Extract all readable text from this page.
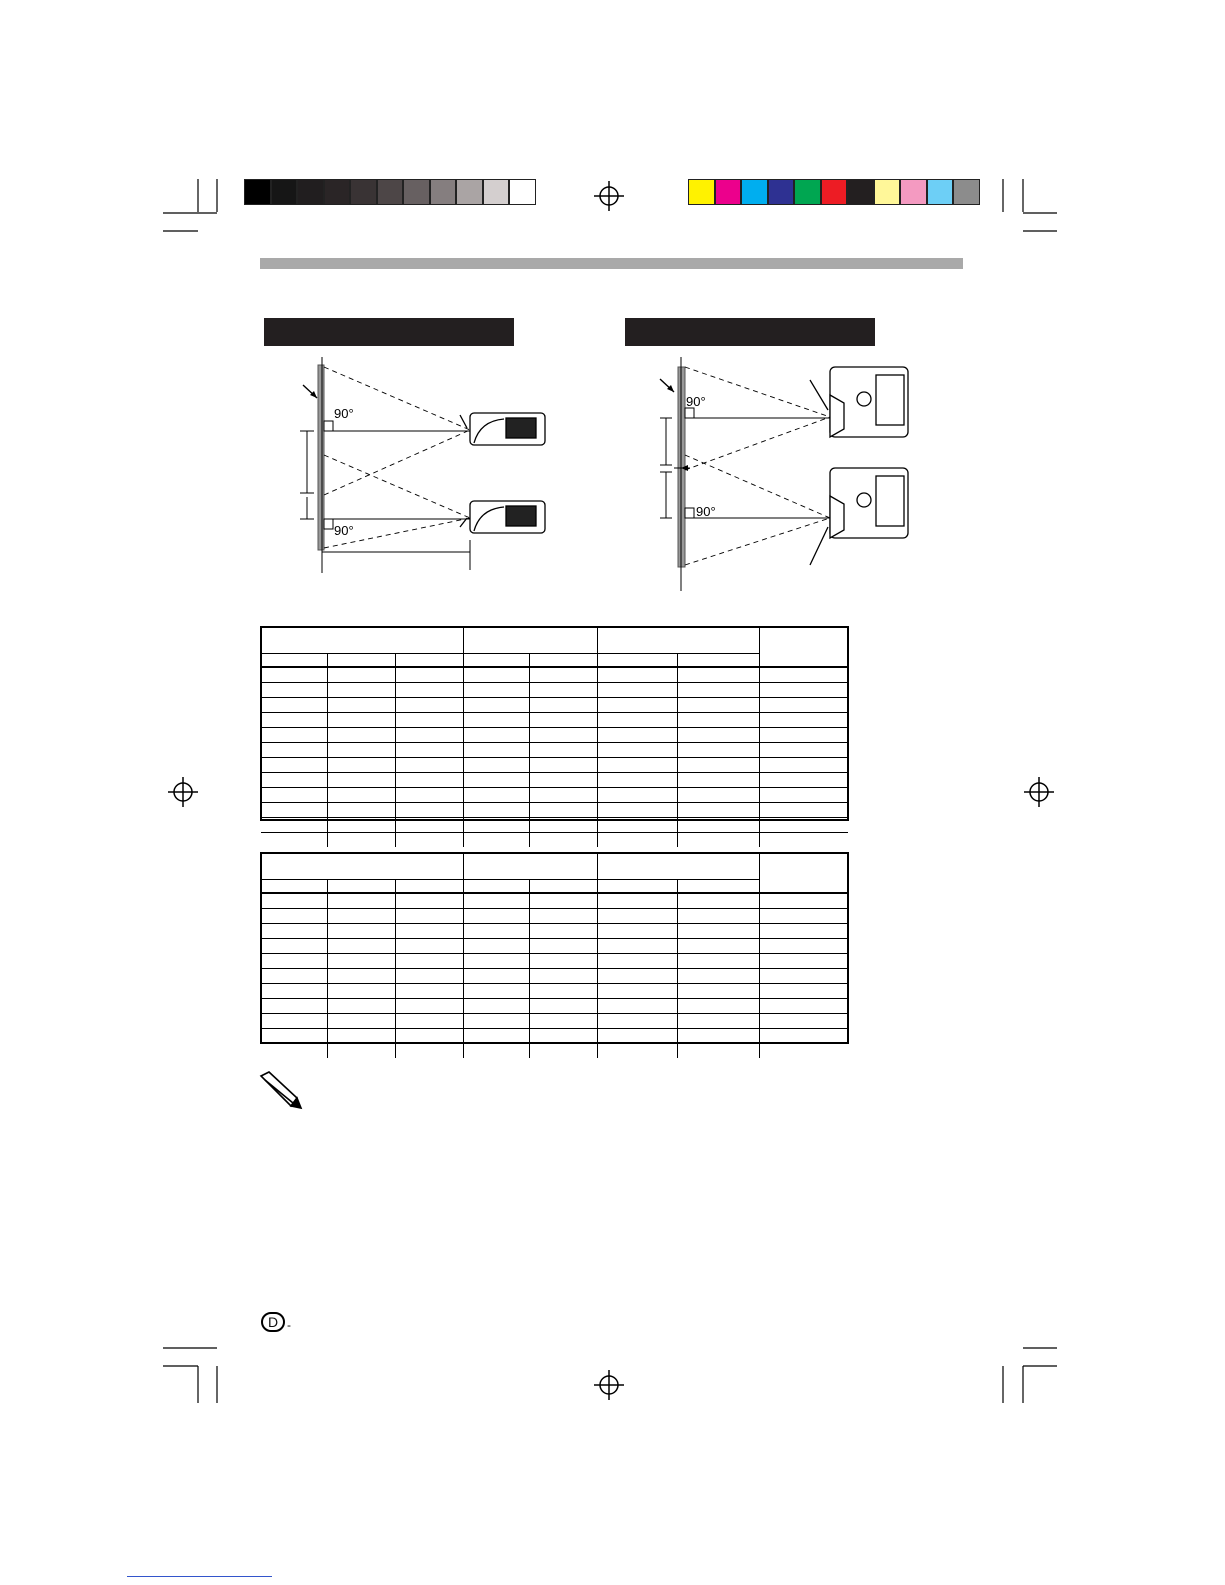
90°
90°
90°
90°

D -
